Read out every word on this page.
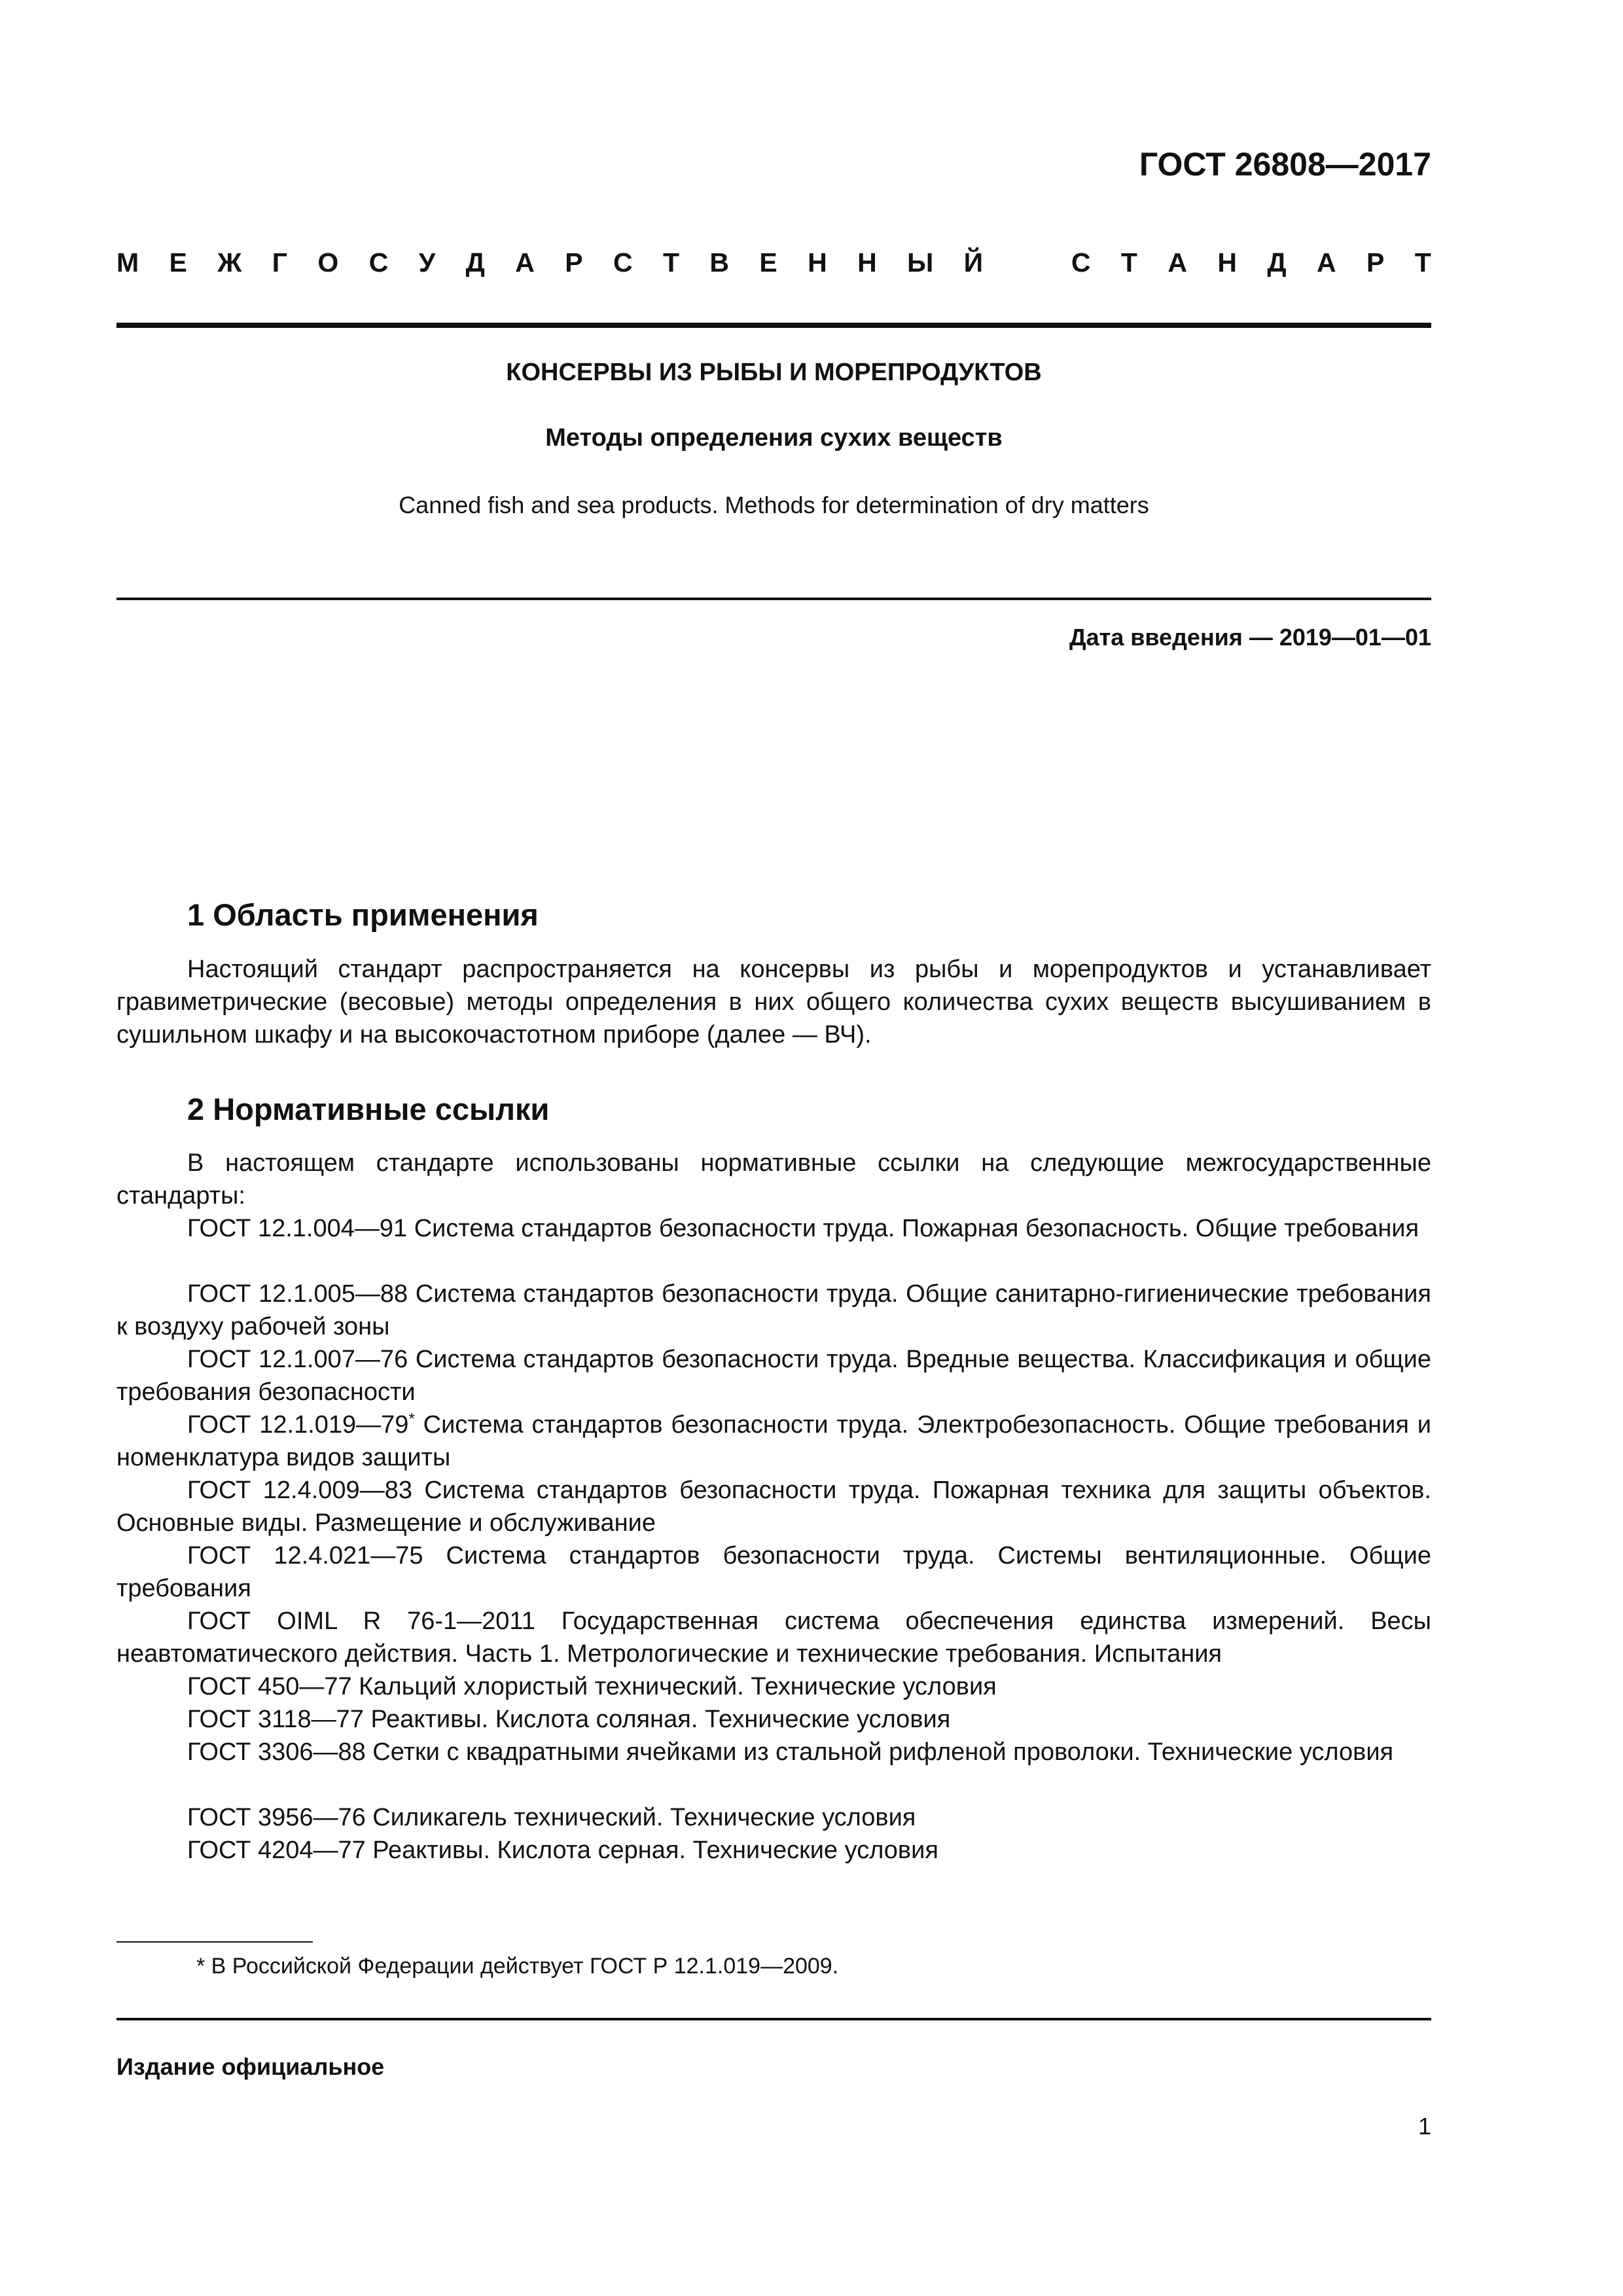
ГОСТ 26808—2017
М Е Ж Г О С У Д А Р С Т В Е Н Н Ы Й	С Т А Н Д А Р Т
КОНСЕРВЫ ИЗ РЫБЫ И МОРЕПРОДУКТОВ
Методы определения сухих веществ
Canned fish and sea products. Methods for determination of dry matters
Дата введения — 2019—01—01
1 Область применения
Настоящий стандарт распространяется на консервы из рыбы и морепродуктов и устанавливает гравиметрические (весовые) методы определения в них общего количества сухих веществ высушиванием в сушильном шкафу и на высокочастотном приборе (далее — ВЧ).
2 Нормативные ссылки
В настоящем стандарте использованы нормативные ссылки на следующие межгосударственные стандарты:
ГОСТ 12.1.004—91 Система стандартов безопасности труда. Пожарная безопасность. Общие требования
ГОСТ 12.1.005—88 Система стандартов безопасности труда. Общие санитарно-гигиенические требования к воздуху рабочей зоны
ГОСТ 12.1.007—76 Система стандартов безопасности труда. Вредные вещества. Классификация и общие требования безопасности
ГОСТ 12.1.019—79* Система стандартов безопасности труда. Электробезопасность. Общие требования и номенклатура видов защиты
ГОСТ 12.4.009—83 Система стандартов безопасности труда. Пожарная техника для защиты объектов. Основные виды. Размещение и обслуживание
ГОСТ 12.4.021—75 Система стандартов безопасности труда. Системы вентиляционные. Общие требования
ГОСТ OIML R 76-1—2011 Государственная система обеспечения единства измерений. Весы неавтоматического действия. Часть 1. Метрологические и технические требования. Испытания
ГОСТ 450—77 Кальций хлористый технический. Технические условия
ГОСТ 3118—77 Реактивы. Кислота соляная. Технические условия
ГОСТ 3306—88 Сетки с квадратными ячейками из стальной рифленой проволоки. Технические условия
ГОСТ 3956—76 Силикагель технический. Технические условия
ГОСТ 4204—77 Реактивы. Кислота серная. Технические условия
* В Российской Федерации действует ГОСТ Р 12.1.019—2009.
Издание официальное
1
